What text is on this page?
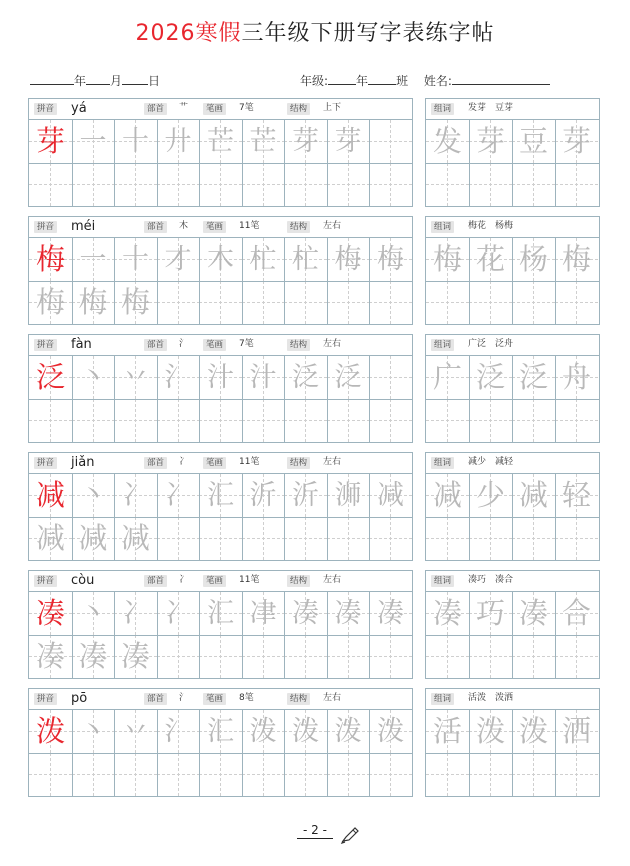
2026寒假三年级下册写字表练字帖
年 月 日	年级: 年 班 姓名:
拼音 yá	部首	艹	笔画	7笔	结构	上下
芽 一 十 廾 芒 芒 芽 芽
组词	发芽　豆芽
发 芽 豆 芽
拼音 méi	部首	木	笔画	11笔	结构	左右
梅 一 十 才 木 杧 杧 梅 梅
梅 梅 梅
组词	梅花　杨梅
梅 花 杨 梅
拼音 fàn	部首	氵	笔画	7笔	结构	左右
泛 丶 丷 氵 汁 汁 泛 泛
组词	广泛　泛舟
广 泛 泛 舟
拼音 jiǎn	部首	冫	笔画	11笔	结构	左右
减 丶 冫 冫 汇 沂 沂 浉 减
减 减 减
组词	减少　减轻
减 少 减 轻
拼音 còu	部首	冫	笔画	11笔	结构	左右
凑 丶 冫 冫 汇 冿 凑 凑 凑
凑 凑 凑
组词	凑巧　凑合
凑 巧 凑 合
拼音 pō	部首	氵	笔画	8笔	结构	左右
泼 丶 丷 氵 汇 泼 泼 泼 泼
组词	活泼　泼洒
活 泼 泼 洒
- 2 -
